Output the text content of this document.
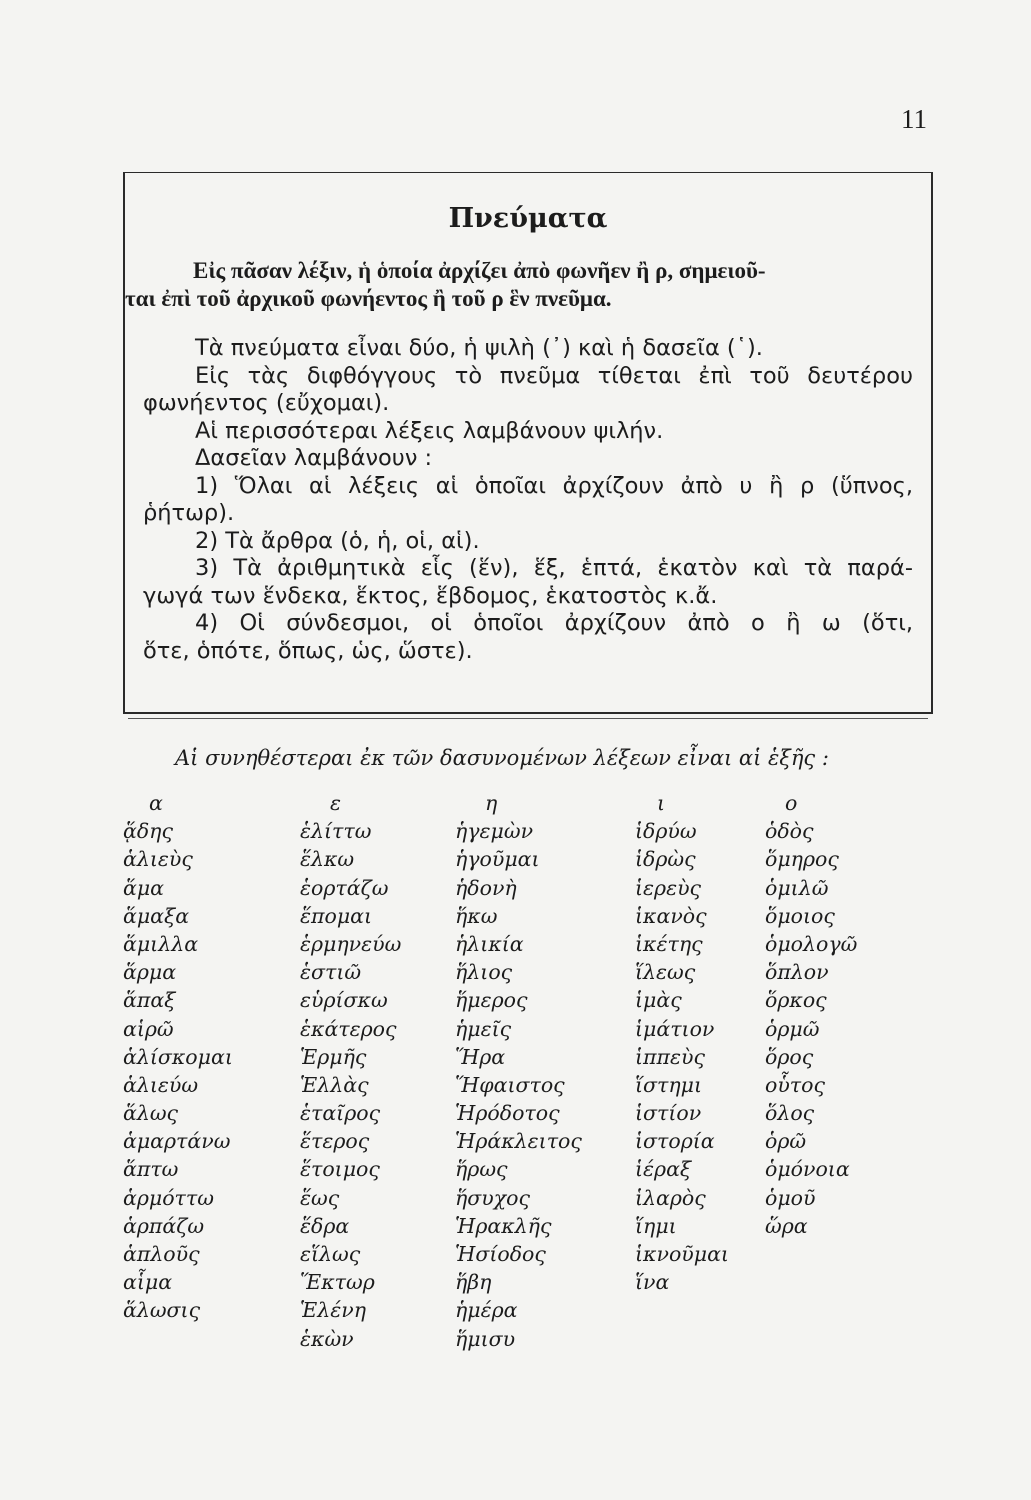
11
Πνεύματα

Εἰς πᾶσαν λέξιν, ἡ ὁποία ἀρχίζει ἀπὸ φωνῆεν ἢ ρ, σημειοῦ-

ται ἐπὶ τοῦ ἀρχικοῦ φωνήεντος ἢ τοῦ ρ ἓν πνεῦμα.

Τὰ πνεύματα εἶναι δύο, ἡ ψιλὴ (᾿) καὶ ἡ δασεῖα (῾).

Εἰς τὰς διφθόγγους τὸ πνεῦμα τίθεται ἐπὶ τοῦ δευτέρου

φωνήεντος (εὔχομαι).

Αἱ περισσότεραι λέξεις λαμβάνουν ψιλήν.

Δασεῖαν λαμβάνουν :

1) Ὅλαι αἱ λέξεις αἱ ὁποῖαι ἀρχίζουν ἀπὸ υ ἢ ρ (ὕπνος,

ῥήτωρ).

2) Τὰ ἄρθρα (ὁ, ἡ, οἱ, αἱ).

3) Τὰ ἀριθμητικὰ εἷς (ἕν), ἕξ, ἑπτά, ἑκατὸν καὶ τὰ παρά-

γωγά των ἕνδεκα, ἕκτος, ἕβδομος, ἑκατοστὸς κ.ἄ.

4) Οἱ σύνδεσμοι, οἱ ὁποῖοι ἀρχίζουν ἀπὸ ο ἢ ω (ὅτι,

ὅτε, ὁπότε, ὅπως, ὡς, ὥστε).

Αἱ συνηθέστεραι ἐκ τῶν δασυνομένων λέξεων εἶναι αἱ ἑξῆς :
α
ᾅδης
ἁλιεὺς
ἅμα
ἅμαξα
ἅμιλλα
ἅρμα
ἅπαξ
αἱρῶ
ἁλίσκομαι
ἁλιεύω
ἅλως
ἁμαρτάνω
ἅπτω
ἁρμόττω
ἁρπάζω
ἁπλοῦς
αἷμα
ἅλωσις
ε
ἑλίττω
ἕλκω
ἑορτάζω
ἕπομαι
ἑρμηνεύω
ἑστιῶ
εὑρίσκω
ἑκάτερος
Ἑρμῆς
Ἑλλὰς
ἑταῖρος
ἕτερος
ἕτοιμος
ἕως
ἕδρα
εἵλως
Ἕκτωρ
Ἑλένη
ἑκὼν
η
ἡγεμὼν
ἡγοῦμαι
ἡδονὴ
ἥκω
ἡλικία
ἥλιος
ἥμερος
ἡμεῖς
Ἥρα
Ἥφαιστος
Ἡρόδοτος
Ἡράκλειτος
ἥρως
ἥσυχος
Ἡρακλῆς
Ἡσίοδος
ἥβη
ἡμέρα
ἥμισυ
ι
ἱδρύω
ἱδρὼς
ἱερεὺς
ἱκανὸς
ἱκέτης
ἵλεως
ἱμὰς
ἱμάτιον
ἱππεὺς
ἵστημι
ἱστίον
ἱστορία
ἱέραξ
ἱλαρὸς
ἵημι
ἱκνοῦμαι
ἵνα
ο
ὁδὸς
ὅμηρος
ὁμιλῶ
ὅμοιος
ὁμολογῶ
ὅπλον
ὅρκος
ὁρμῶ
ὅρος
οὗτος
ὅλος
ὁρῶ
ὁμόνοια
ὁμοῦ
ὥρα
